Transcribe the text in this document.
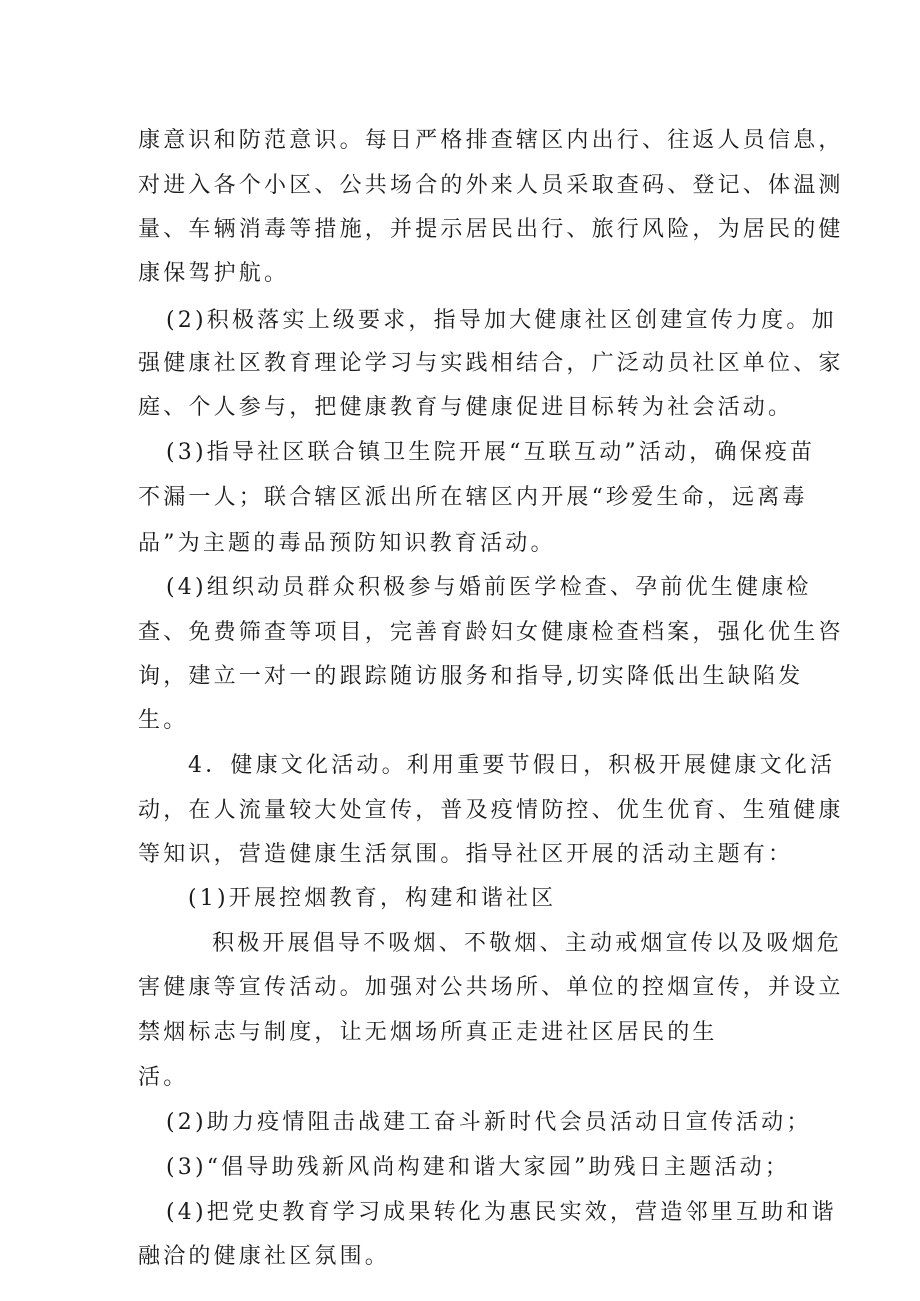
康意识和防范意识。每日严格排查辖区内出行、往返人员信息，
对进入各个小区、公共场合的外来人员采取查码、登记、体温测
量、车辆消毒等措施，并提示居民出行、旅行风险，为居民的健
康保驾护航。
(2)积极落实上级要求，指导加大健康社区创建宣传力度。加
强健康社区教育理论学习与实践相结合，广泛动员社区单位、家
庭、个人参与，把健康教育与健康促进目标转为社会活动。
(3)指导社区联合镇卫生院开展“互联互动”活动，确保疫苗
不漏一人；联合辖区派出所在辖区内开展“珍爱生命，远离毒
品”为主题的毒品预防知识教育活动。
(4)组织动员群众积极参与婚前医学检查、孕前优生健康检
查、免费筛查等项目，完善育龄妇女健康检查档案，强化优生咨
询，建立一对一的跟踪随访服务和指导,切实降低出生缺陷发
生。
4．健康文化活动。利用重要节假日，积极开展健康文化活
动，在人流量较大处宣传，普及疫情防控、优生优育、生殖健康
等知识，营造健康生活氛围。指导社区开展的活动主题有：
(1)开展控烟教育，构建和谐社区
积极开展倡导不吸烟、不敬烟、主动戒烟宣传以及吸烟危
害健康等宣传活动。加强对公共场所、单位的控烟宣传，并设立
禁烟标志与制度，让无烟场所真正走进社区居民的生
活。
(2)助力疫情阻击战建工奋斗新时代会员活动日宣传活动；
(3)“倡导助残新风尚构建和谐大家园”助残日主题活动；
(4)把党史教育学习成果转化为惠民实效，营造邻里互助和谐
融洽的健康社区氛围。
